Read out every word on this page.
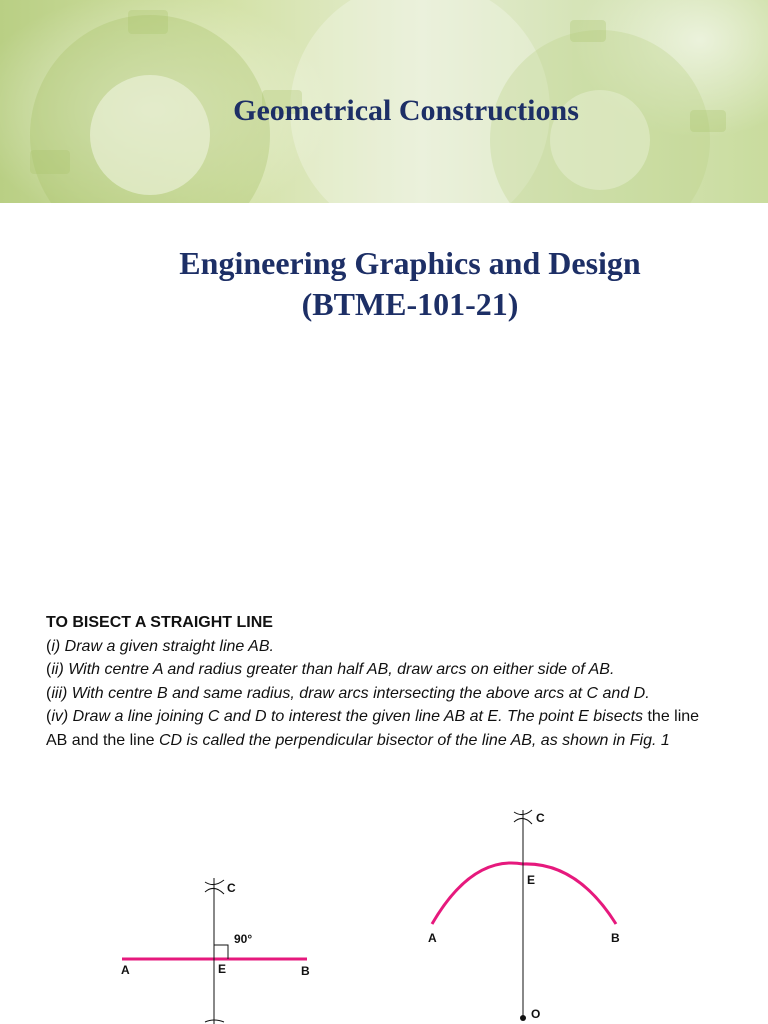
Geometrical Constructions
Engineering Graphics and Design
(BTME-101-21)
TO BISECT A STRAIGHT LINE
(i) Draw a given straight line AB.
(ii) With centre A and radius greater than half AB, draw arcs on either side of AB.
(iii) With centre B and same radius, draw arcs intersecting the above arcs at C and D.
(iv) Draw a line joining C and D to interest the given line AB at E. The point E bisects the line AB and the line CD is called the perpendicular bisector of the line AB, as shown in Fig. 1
A	B
C
E
90°
C
E
A	B
O
